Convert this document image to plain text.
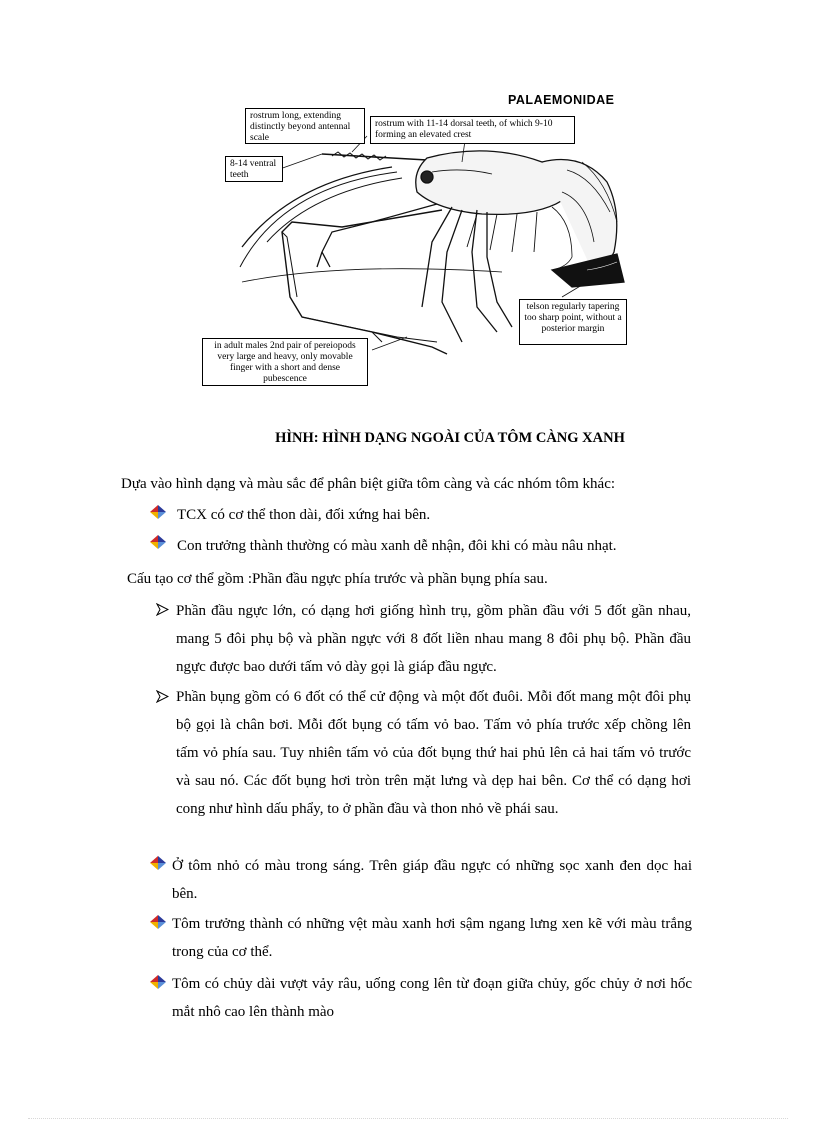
PALAEMONIDAE
rostrum long, extending distinctly beyond antennal scale
rostrum with 11-14 dorsal teeth, of which 9-10 forming an elevated crest
8-14 ventral teeth
telson regularly tapering too sharp point, without a posterior margin
in adult males 2nd pair of pereiopods very large and heavy, only movable finger with a short and dense pubescence
HÌNH: HÌNH DẠNG NGOÀI CỦA TÔM CÀNG XANH
Dựa vào hình dạng và màu sắc để phân biệt giữa tôm càng và các nhóm tôm khác:
TCX có cơ thể thon dài, đối xứng hai bên.
Con trưởng thành thường có màu xanh dễ nhận, đôi khi có màu nâu nhạt.
Cấu tạo cơ thể gồm :Phần đầu ngực phía trước và phần bụng phía sau.
Phần đầu ngực lớn, có dạng hơi giống hình trụ, gồm phần đầu với 5 đốt gần nhau, mang 5 đôi phụ bộ và phần ngực với 8 đốt liền nhau mang 8 đôi phụ bộ. Phần đầu ngực được bao dưới tấm vỏ dày gọi là giáp đầu ngực.
Phần bụng gồm có 6 đốt có thể cử động và một đốt đuôi. Mỗi đốt mang một đôi phụ bộ gọi là chân bơi. Mỗi đốt bụng có tấm vỏ bao. Tấm vỏ phía trước xếp chồng lên tấm vỏ phía sau. Tuy nhiên tấm vỏ của đốt bụng thứ hai phủ lên cả hai tấm vỏ trước và sau nó. Các đốt bụng hơi tròn trên mặt lưng và dẹp hai bên. Cơ thể có dạng hơi cong như hình dấu phẩy, to ở phần đầu và thon nhỏ về phái sau.
Ở tôm nhỏ có màu trong sáng. Trên giáp đầu ngực có những sọc xanh đen dọc hai bên.
Tôm trưởng thành có những vệt màu xanh hơi sậm ngang lưng xen kẽ với màu trắng trong của cơ thể.
Tôm có chủy dài vượt vảy râu, uống cong lên từ đoạn giữa chủy, gốc chủy ở nơi hốc mắt nhô cao lên thành mào
